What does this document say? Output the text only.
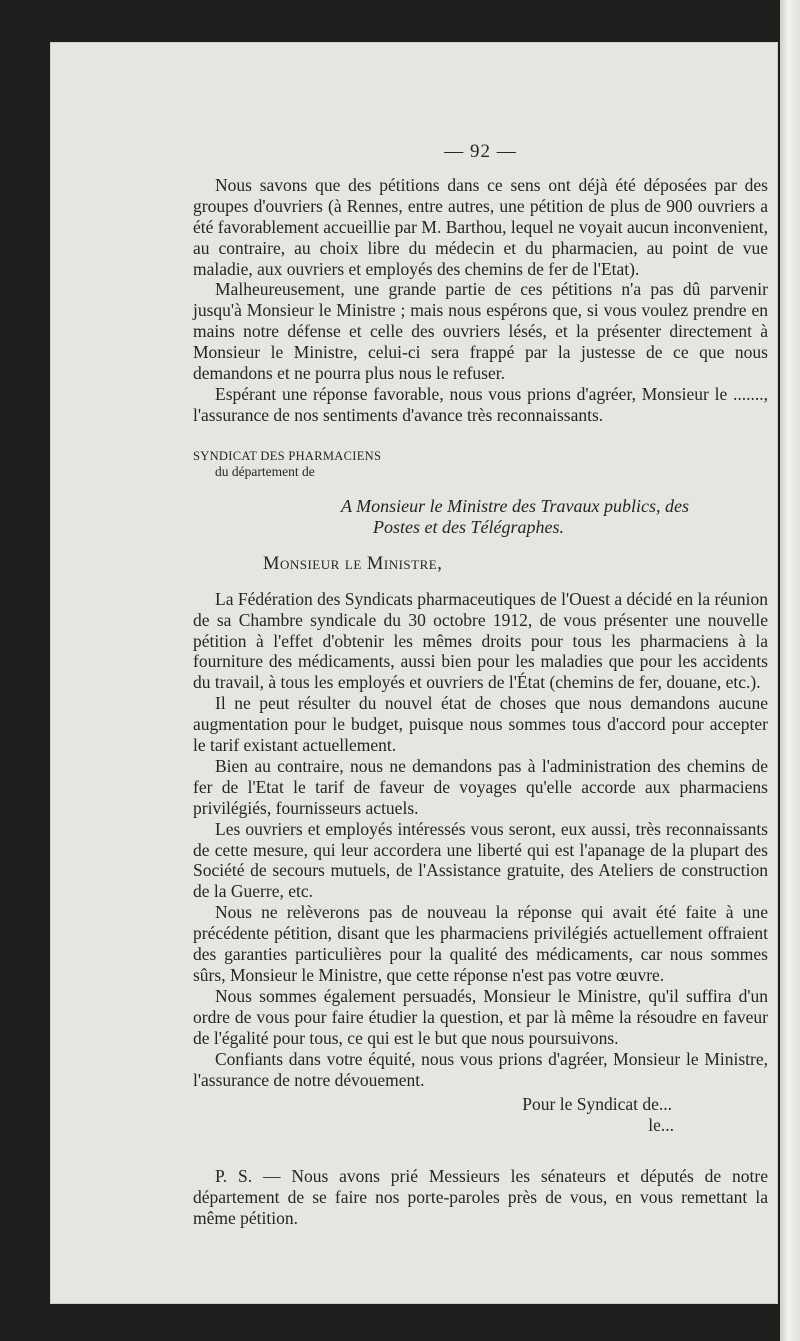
— 92 —

Nous savons que des pétitions dans ce sens ont déjà été déposées par des groupes d'ouvriers (à Rennes, entre autres, une pétition de plus de 900 ouvriers a été favorablement accueillie par M. Barthou, lequel ne voyait aucun inconvenient, au contraire, au choix libre du médecin et du pharmacien, au point de vue maladie, aux ouvriers et employés des chemins de fer de l'Etat).

Malheureusement, une grande partie de ces pétitions n'a pas dû parvenir jusqu'à Monsieur le Ministre ; mais nous espérons que, si vous voulez prendre en mains notre défense et celle des ouvriers lésés, et la présenter directement à Monsieur le Ministre, celui-ci sera frappé par la justesse de ce que nous demandons et ne pourra plus nous le refuser.

Espérant une réponse favorable, nous vous prions d'agréer, Monsieur le ......., l'assurance de nos sentiments d'avance très reconnaissants.

SYNDICAT DES PHARMACIENS
du département de
A Monsieur le Ministre des Travaux publics, des
Postes et des Télégraphes.
Monsieur le Ministre,

La Fédération des Syndicats pharmaceutiques de l'Ouest a décidé en la réunion de sa Chambre syndicale du 30 octobre 1912, de vous présenter une nouvelle pétition à l'effet d'obtenir les mêmes droits pour tous les pharmaciens à la fourniture des médicaments, aussi bien pour les maladies que pour les accidents du travail, à tous les employés et ouvriers de l'État (chemins de fer, douane, etc.).

Il ne peut résulter du nouvel état de choses que nous demandons aucune augmentation pour le budget, puisque nous sommes tous d'accord pour accepter le tarif existant actuellement.

Bien au contraire, nous ne demandons pas à l'administration des chemins de fer de l'Etat le tarif de faveur de voyages qu'elle accorde aux pharmaciens privilégiés, fournisseurs actuels.

Les ouvriers et employés intéressés vous seront, eux aussi, très reconnaissants de cette mesure, qui leur accordera une liberté qui est l'apanage de la plupart des Société de secours mutuels, de l'Assistance gratuite, des Ateliers de construction de la Guerre, etc.

Nous ne relèverons pas de nouveau la réponse qui avait été faite à une précédente pétition, disant que les pharmaciens privilégiés actuellement offraient des garanties particulières pour la qualité des médicaments, car nous sommes sûrs, Monsieur le Ministre, que cette réponse n'est pas votre œuvre.

Nous sommes également persuadés, Monsieur le Ministre, qu'il suffira d'un ordre de vous pour faire étudier la question, et par là même la résoudre en faveur de l'égalité pour tous, ce qui est le but que nous poursuivons.

Confiants dans votre équité, nous vous prions d'agréer, Monsieur le Ministre, l'assurance de notre dévouement.

Pour le Syndicat de...
le...

P. S. — Nous avons prié Messieurs les sénateurs et députés de notre département de se faire nos porte-paroles près de vous, en vous remettant la même pétition.
